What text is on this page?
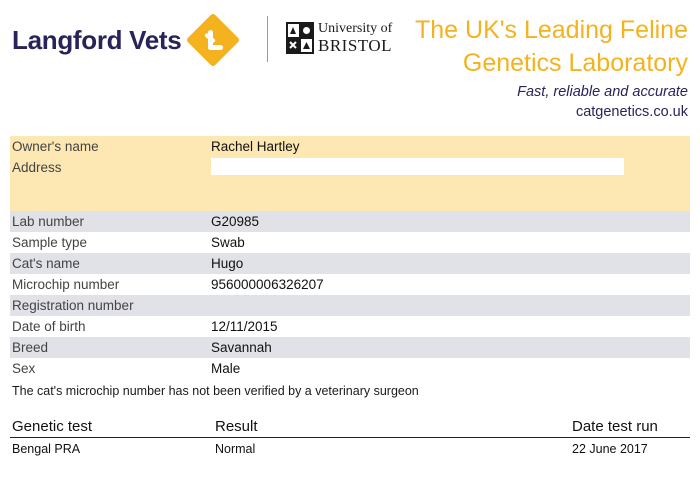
Langford Vets	University of
BRISTOL
The UK's Leading Feline
Genetics Laboratory
Fast, reliable and accurate
catgenetics.co.uk
Owner's name	Rachel Hartley
Address	

Lab number	G20985
Sample type	Swab
Cat's name	Hugo
Microchip number	956000006326207
Registration number	
Date of birth	12/11/2015
Breed	Savannah
Sex	Male
The cat's microchip number has not been verified by a veterinary surgeon
Genetic test	Result	Date test run
Bengal PRA	Normal	22 June 2017
